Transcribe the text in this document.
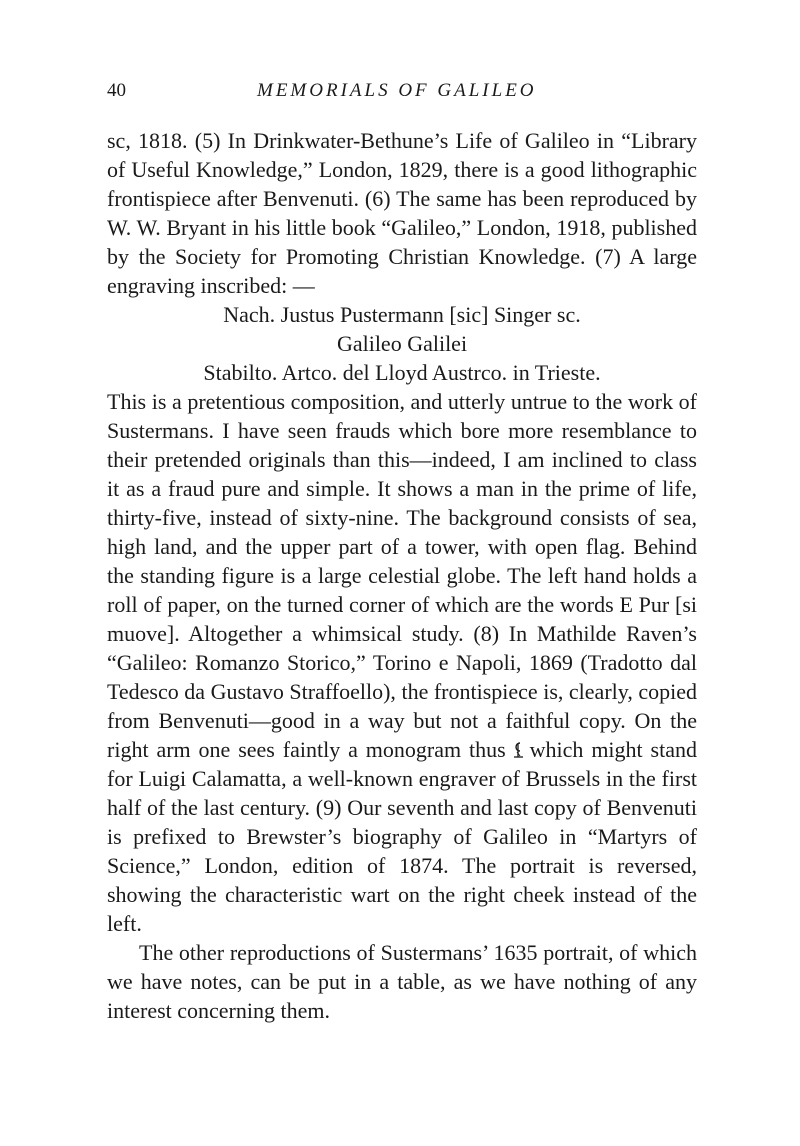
40	MEMORIALS OF GALILEO

sc, 1818. (5) In Drinkwater-Bethune’s Life of Galileo in “Library of Useful Knowledge,” London, 1829, there is a good lithographic frontispiece after Benvenuti. (6) The same has been reproduced by W. W. Bryant in his little book “Galileo,” London, 1918, published by the Society for Promoting Christian Knowledge. (7) A large engraving inscribed: —

Nach. Justus Pustermann [sic] Singer sc.
Galileo Galilei
Stabilto. Artco. del Lloyd Austrco. in Trieste.

This is a pretentious composition, and utterly untrue to the work of Sustermans. I have seen frauds which bore more resemblance to their pretended originals than this—indeed, I am inclined to class it as a fraud pure and simple. It shows a man in the prime of life, thirty-five, instead of sixty-nine. The background consists of sea, high land, and the upper part of a tower, with open flag. Behind the standing figure is a large celestial globe. The left hand holds a roll of paper, on the turned corner of which are the words E Pur [si muove]. Altogether a whimsical study. (8) In Mathilde Raven’s “Galileo: Romanzo Storico,” Torino e Napoli, 1869 (Tradotto dal Tedesco da Gustavo Straffoello), the frontispiece is, clearly, copied from Benvenuti—good in a way but not a faithful copy. On the right arm one sees faintly a monogram thus which might stand for Luigi Calamatta, a well-known engraver of Brussels in the first half of the last century. (9) Our seventh and last copy of Benvenuti is prefixed to Brewster’s biography of Galileo in “Martyrs of Science,” London, edition of 1874. The portrait is reversed, showing the characteristic wart on the right cheek instead of the left.

The other reproductions of Sustermans’ 1635 portrait, of which we have notes, can be put in a table, as we have nothing of any interest concerning them.
